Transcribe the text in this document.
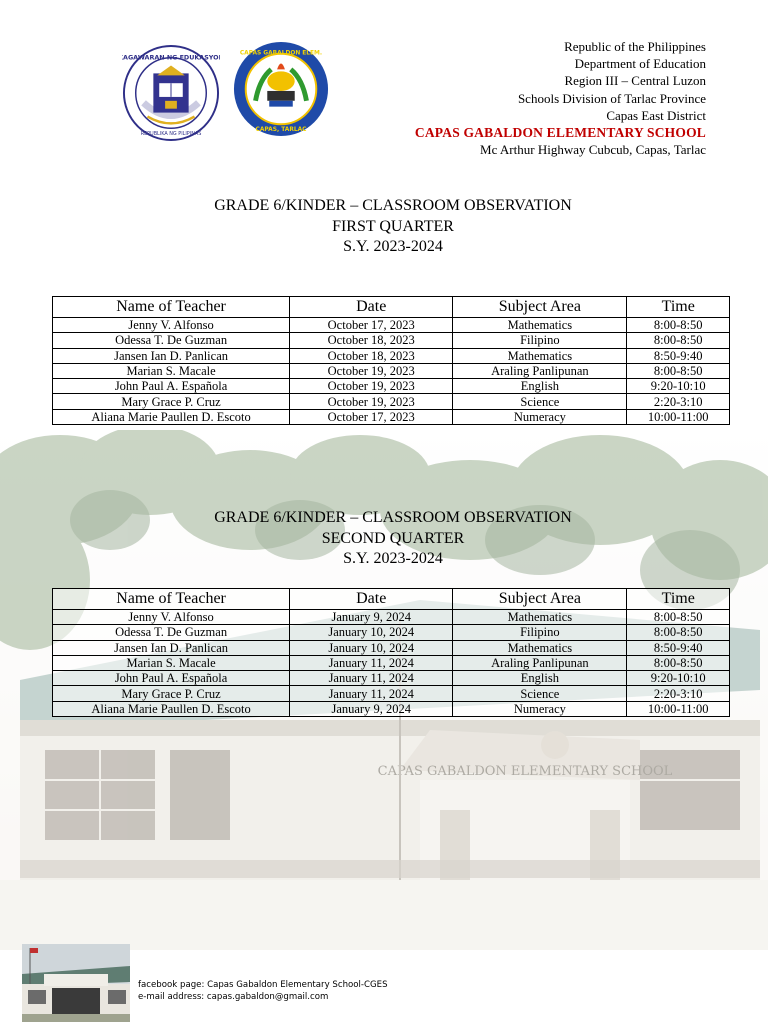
CAPAS GABALDON ELEMENTARY SCHOOL
KAGAWARAN NG EDUKASYON
REPUBLIKA NG PILIPINAS
CAPAS GABALDON ELEM.
CAPAS, TARLAC
Republic of the Philippines
Department of Education
Region III – Central Luzon
Schools Division of Tarlac Province
Capas East District
CAPAS GABALDON ELEMENTARY SCHOOL
Mc Arthur Highway Cubcub, Capas, Tarlac
GRADE 6/KINDER – CLASSROOM OBSERVATION
FIRST QUARTER
S.Y. 2023-2024
Name of Teacher	Date	Subject Area	Time
Jenny V. Alfonso	October 17, 2023	Mathematics	8:00-8:50
Odessa T. De Guzman	October 18, 2023	Filipino	8:00-8:50
Jansen Ian D. Panlican	October 18, 2023	Mathematics	8:50-9:40
Marian S. Macale	October 19, 2023	Araling Panlipunan	8:00-8:50
John Paul A. Española	October 19, 2023	English	9:20-10:10
Mary Grace P. Cruz	October 19, 2023	Science	2:20-3:10
Aliana Marie Paullen D. Escoto	October 17, 2023	Numeracy	10:00-11:00
GRADE 6/KINDER – CLASSROOM OBSERVATION
SECOND QUARTER
S.Y. 2023-2024
Name of Teacher	Date	Subject Area	Time
Jenny V. Alfonso	January 9, 2024	Mathematics	8:00-8:50
Odessa T. De Guzman	January 10, 2024	Filipino	8:00-8:50
Jansen Ian D. Panlican	January 10, 2024	Mathematics	8:50-9:40
Marian S. Macale	January 11, 2024	Araling Panlipunan	8:00-8:50
John Paul A. Española	January 11, 2024	English	9:20-10:10
Mary Grace P. Cruz	January 11, 2024	Science	2:20-3:10
Aliana Marie Paullen D. Escoto	January 9, 2024	Numeracy	10:00-11:00
facebook page: Capas Gabaldon Elementary School-CGES
e-mail address: capas.gabaldon@gmail.com
